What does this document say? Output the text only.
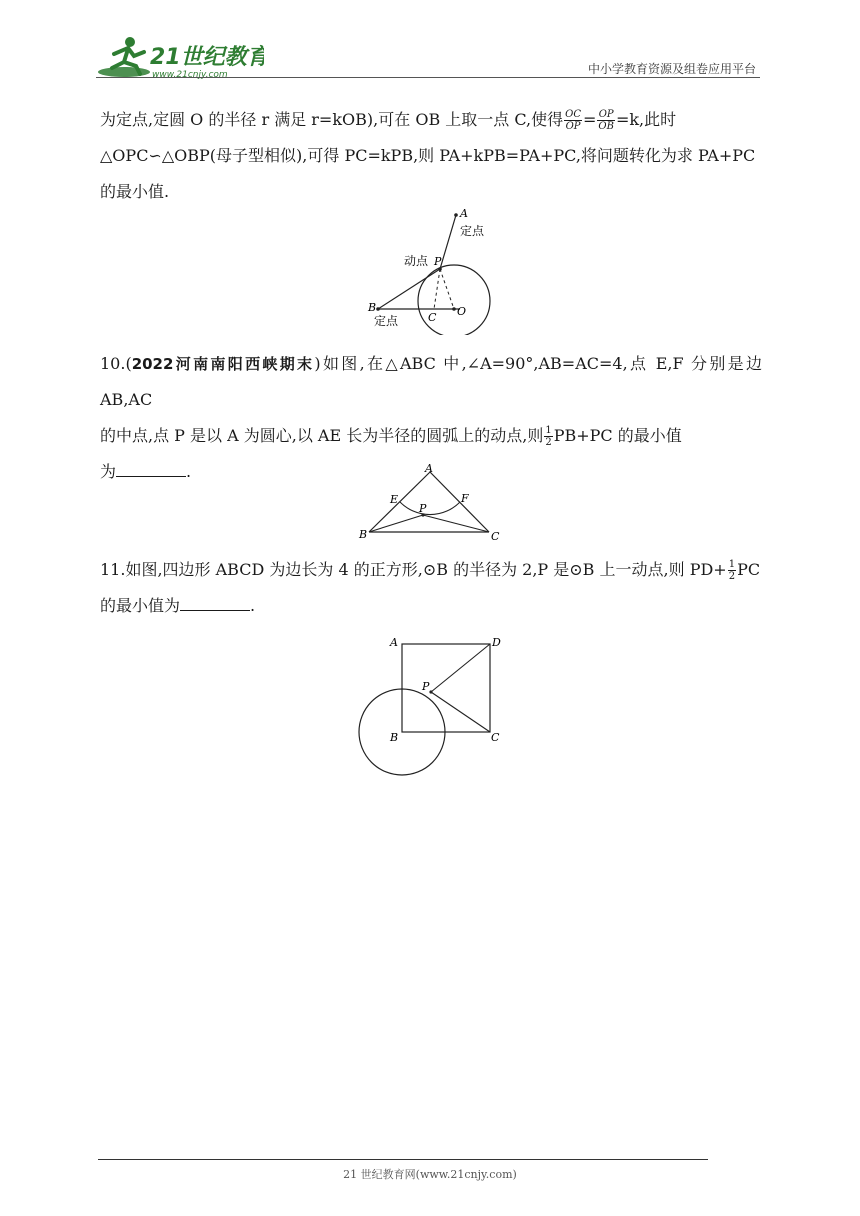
21世纪教育
www.21cnjy.com	中小学教育资源及组卷应用平台

为定点,定圆 O 的半径 r 满足 r=kOB),可在 OB 上取一点 C,使得 $\frac{OC}{OP} = \frac{OP}{OB} =k$,此时

△OPC∽△OBP(母子型相似),可得 PC=kPB,则 PA+kPB=PA+PC,将问题转化为求 PA+PC

的最小值.

A
定点
动点 P
B
定点	C O

10.(2022河南南阳西峡期末)如图,在△ABC 中,∠A=90°,AB=AC=4,点 E,F 分别是边 AB,AC

的中点,点 P 是以 A 为圆心,以 AE 长为半径的圆弧上的动点,则 $\frac{1}{2} PB+PC$ 的最小值

为	.	A
E	F
P
B	C

11.如图,四边形 ABCD 为边长为 4 的正方形,⊙B 的半径为 2,P 是⊙B 上一动点,则 $PD+ \frac{1}{2}$ PC

的最小值为	.

A	D
P
B	C
21 世纪教育网(www.21cnjy.com)
